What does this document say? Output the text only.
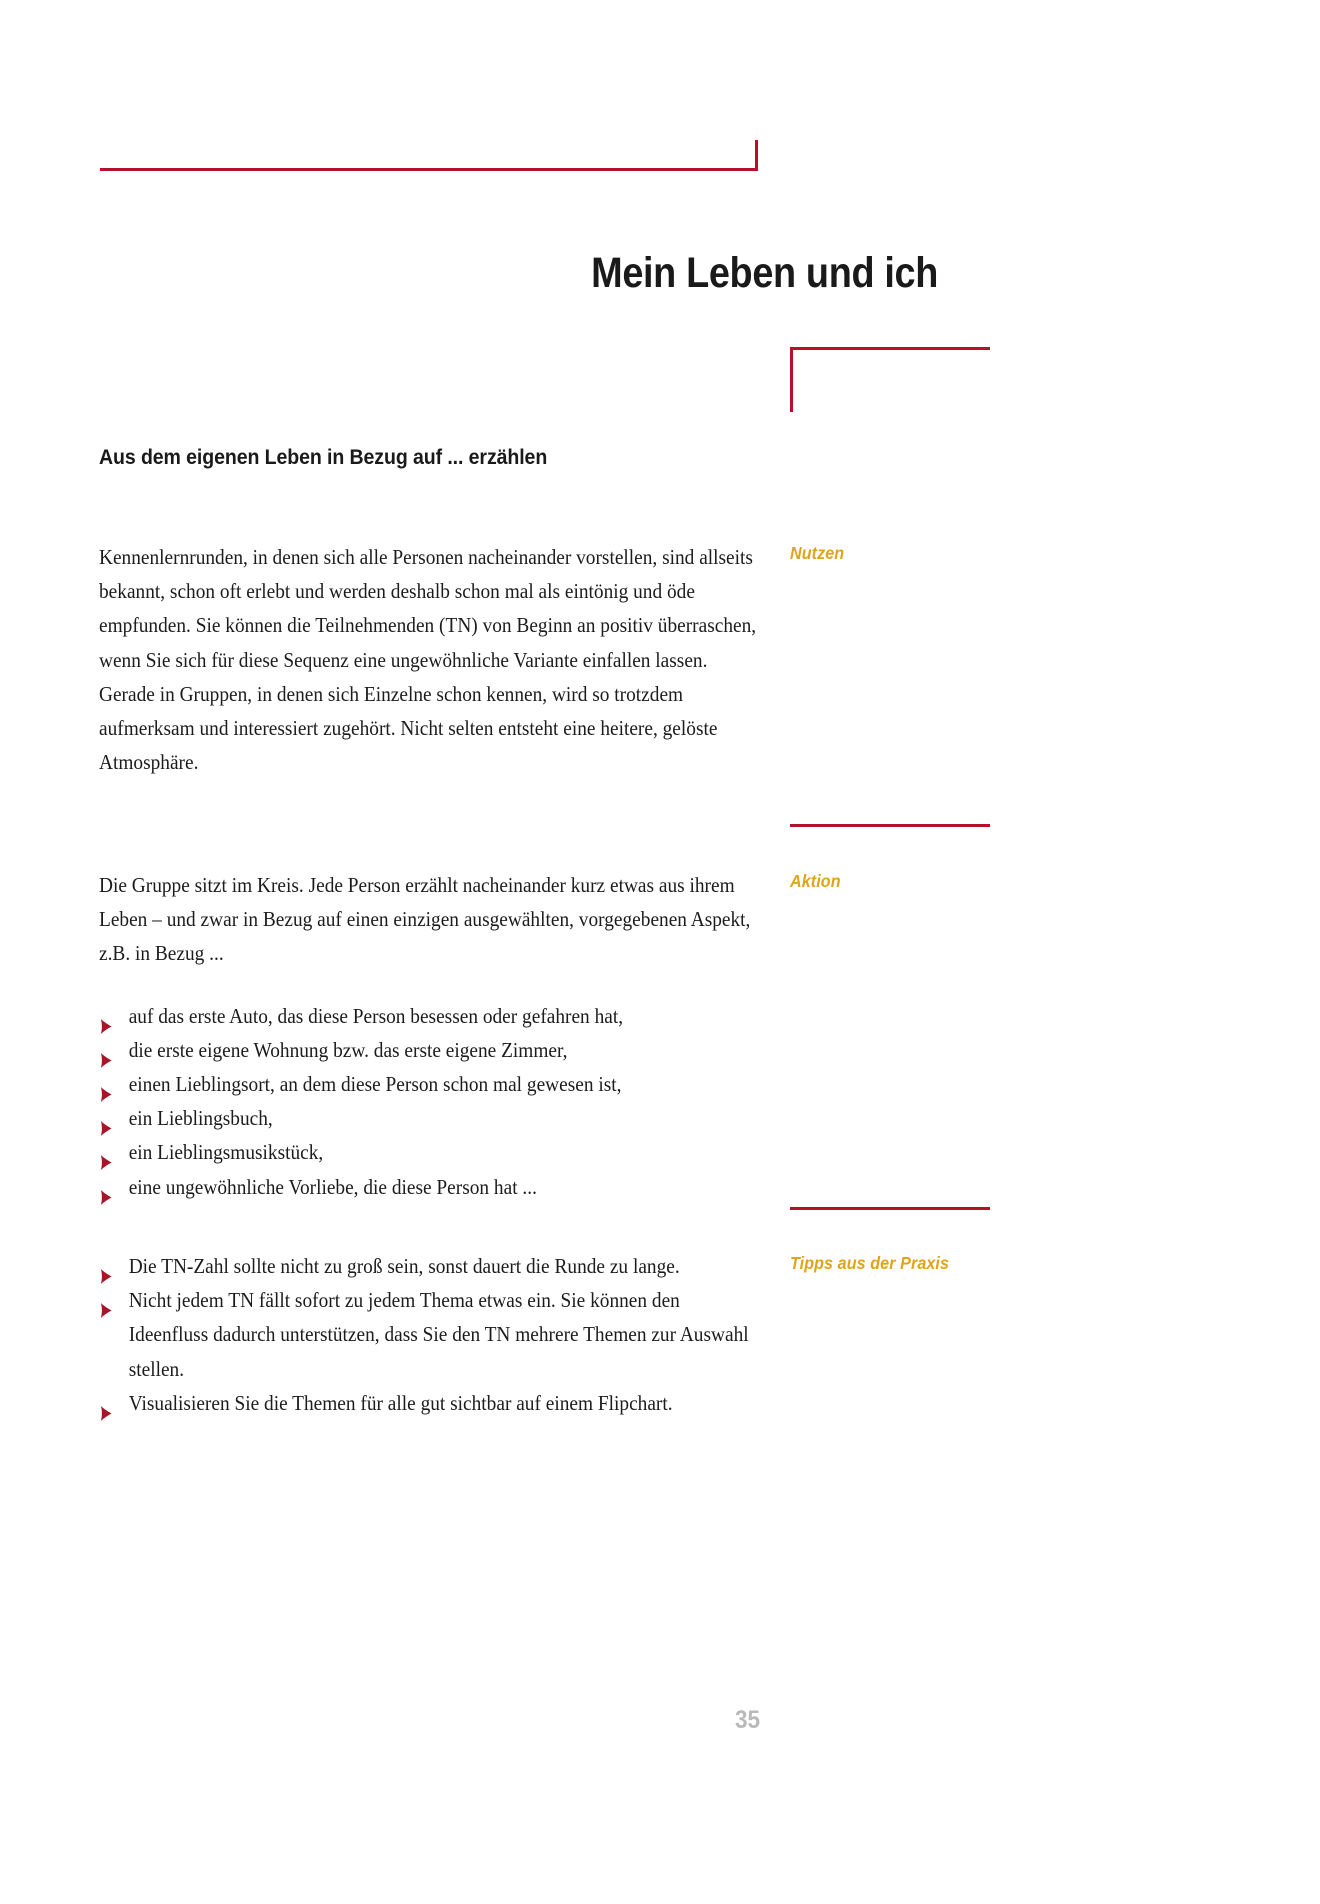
Mein Leben und ich
Aus dem eigenen Leben in Bezug auf ... erzählen

Kennenlernrunden, in denen sich alle Personen nacheinander vorstellen, sind allseits bekannt, schon oft erlebt und werden deshalb schon mal als eintönig und öde empfunden. Sie können die Teilnehmenden (TN) von Beginn an positiv überraschen, wenn Sie sich für diese Sequenz eine ungewöhnliche Variante einfallen lassen. Gerade in Gruppen, in denen sich Einzelne schon kennen, wird so trotzdem aufmerksam und interessiert zugehört. Nicht selten entsteht eine heitere, gelöste Atmosphäre.

Nutzen

Die Gruppe sitzt im Kreis. Jede Person erzählt nacheinander kurz etwas aus ihrem Leben – und zwar in Bezug auf einen einzigen ausgewählten, vorgegebenen Aspekt, z.B. in Bezug ...

auf das erste Auto, das diese Person besessen oder gefahren hat,
die erste eigene Wohnung bzw. das erste eigene Zimmer,
einen Lieblingsort, an dem diese Person schon mal gewesen ist,
ein Lieblingsbuch,
ein Lieblingsmusikstück,
eine ungewöhnliche Vorliebe, die diese Person hat ...
Aktion
Die TN-Zahl sollte nicht zu groß sein, sonst dauert die Runde zu lange.
Nicht jedem TN fällt sofort zu jedem Thema etwas ein. Sie können den Ideenfluss dadurch unterstützen, dass Sie den TN mehrere Themen zur Auswahl stellen.
Visualisieren Sie die Themen für alle gut sichtbar auf einem Flipchart.
Tipps aus der Praxis
35
